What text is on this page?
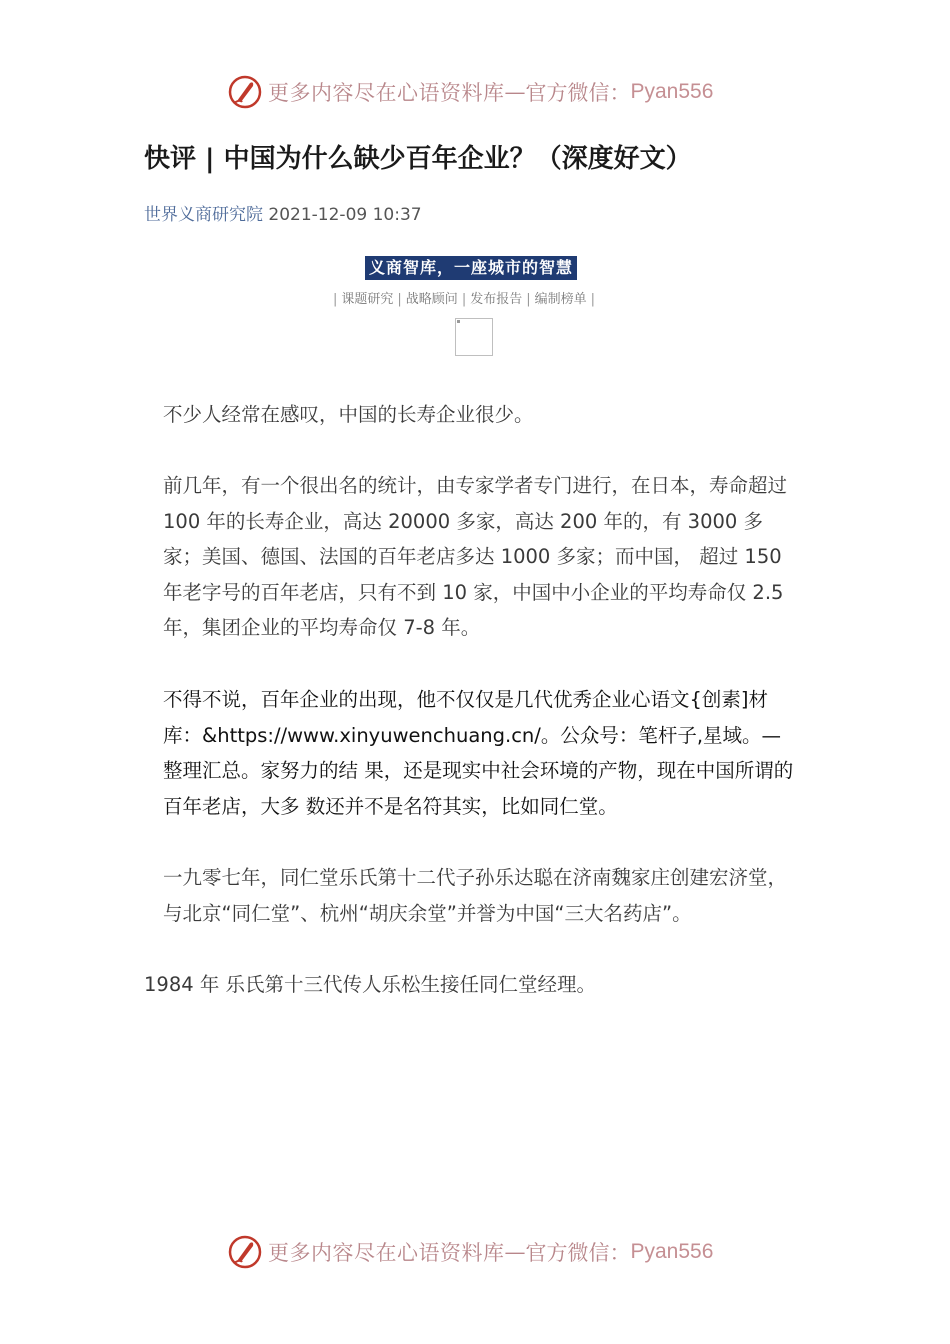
更多内容尽在心语资料库 — 官方微信： Pyan556
快评 | 中国为什么缺少百年企业？（深度好文）
世界义商研究院 2021-12-09 10:37
义商智库，一座城市的智慧
| 课题研究 | 战略顾问 | 发布报告 | 编制榜单 |

不少人经常在感叹，中国的长寿企业很少。

前几年，有一个很出名的统计，由专家学者专门进行，在日本，寿命超过 100 年的长寿企业，高达 20000 多家，高达 200 年的，有 3000 多家；美国、德国、法国的百年老店多达 1000 多家；而中国， 超过 150 年老字号的百年老店，只有不到 10 家，中国中小企业的平均寿命仅 2.5 年，集团企业的平均寿命仅 7-8 年。

不得不说，百年企业的出现，他不仅仅是几代优秀企业心语文{创素]材库：&https://www.xinyuwenchuang.cn/。公众号：笔杆子,星域。—整理汇总。家努力的结 果，还是现实中社会环境的产物，现在中国所谓的百年老店，大多 数还并不是名符其实，比如同仁堂。

一九零七年，同仁堂乐氏第十二代子孙乐达聪在济南魏家庄创建宏济堂，与北京“同仁堂”、杭州“胡庆余堂”并誉为中国“三大名药店”。

1984 年 乐氏第十三代传人乐松生接任同仁堂经理。

更多内容尽在心语资料库 — 官方微信： Pyan556
